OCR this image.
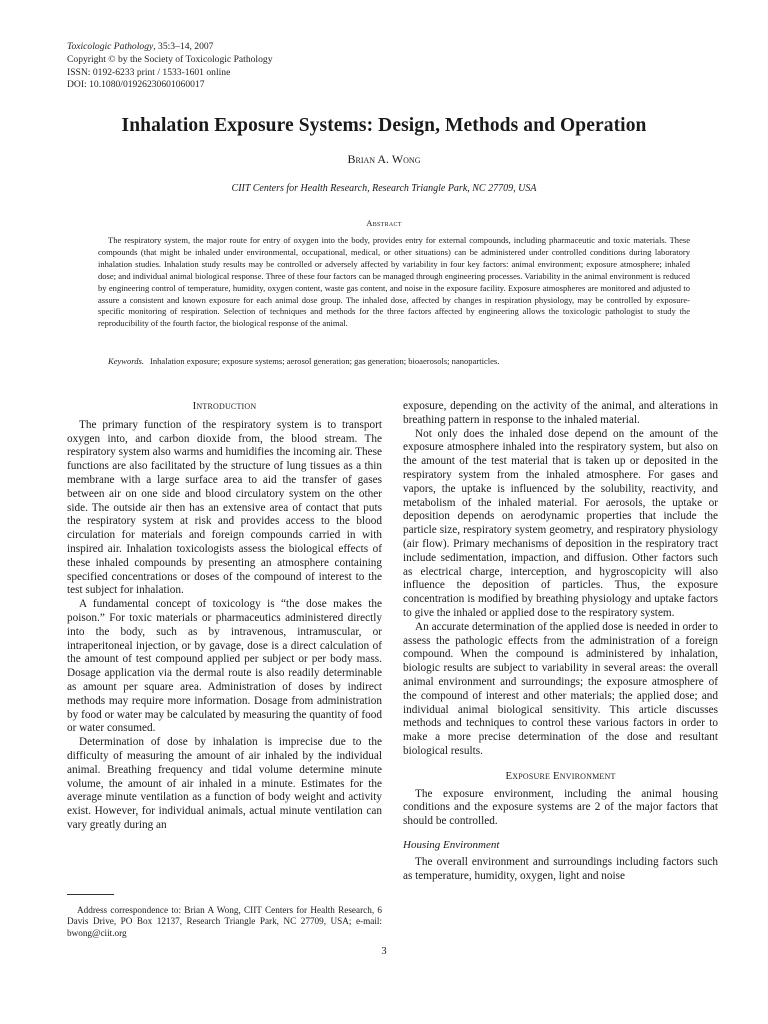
Toxicologic Pathology, 35:3–14, 2007
Copyright © by the Society of Toxicologic Pathology
ISSN: 0192-6233 print / 1533-1601 online
DOI: 10.1080/01926230601060017
Inhalation Exposure Systems: Design, Methods and Operation
Brian A. Wong
CIIT Centers for Health Research, Research Triangle Park, NC 27709, USA
Abstract
The respiratory system, the major route for entry of oxygen into the body, provides entry for external compounds, including pharmaceutic and toxic materials. These compounds (that might be inhaled under environmental, occupational, medical, or other situations) can be administered under controlled conditions during laboratory inhalation studies. Inhalation study results may be controlled or adversely affected by variability in four key factors: animal environment; exposure atmosphere; inhaled dose; and individual animal biological response. Three of these four factors can be managed through engineering processes. Variability in the animal environment is reduced by engineering control of temperature, humidity, oxygen content, waste gas content, and noise in the exposure facility. Exposure atmospheres are monitored and adjusted to assure a consistent and known exposure for each animal dose group. The inhaled dose, affected by changes in respiration physiology, may be controlled by exposure-specific monitoring of respiration. Selection of techniques and methods for the three factors affected by engineering allows the toxicologic pathologist to study the reproducibility of the fourth factor, the biological response of the animal.
Keywords. Inhalation exposure; exposure systems; aerosol generation; gas generation; bioaerosols; nanoparticles.
Introduction

The primary function of the respiratory system is to transport oxygen into, and carbon dioxide from, the blood stream. The respiratory system also warms and humidifies the incoming air. These functions are also facilitated by the structure of lung tissues as a thin membrane with a large surface area to aid the transfer of gases between air on one side and blood circulatory system on the other side. The outside air then has an extensive area of contact that puts the respiratory system at risk and provides access to the blood circulation for materials and foreign compounds carried in with inspired air. Inhalation toxicologists assess the biological effects of these inhaled compounds by presenting an atmosphere containing specified concentrations or doses of the compound of interest to the test subject for inhalation.

A fundamental concept of toxicology is “the dose makes the poison.” For toxic materials or pharmaceutics administered directly into the body, such as by intravenous, intramuscular, or intraperitoneal injection, or by gavage, dose is a direct calculation of the amount of test compound applied per subject or per body mass. Dosage application via the dermal route is also readily determinable as amount per square area. Administration of doses by indirect methods may require more information. Dosage from administration by food or water may be calculated by measuring the quantity of food or water consumed.

Determination of dose by inhalation is imprecise due to the difficulty of measuring the amount of air inhaled by the individual animal. Breathing frequency and tidal volume determine minute volume, the amount of air inhaled in a minute. Estimates for the average minute ventilation as a function of body weight and activity exist. However, for individual animals, actual minute ventilation can vary greatly during an

exposure, depending on the activity of the animal, and alterations in breathing pattern in response to the inhaled material.

Not only does the inhaled dose depend on the amount of the exposure atmosphere inhaled into the respiratory system, but also on the amount of the test material that is taken up or deposited in the respiratory system from the inhaled atmosphere. For gases and vapors, the uptake is influenced by the solubility, reactivity, and metabolism of the inhaled material. For aerosols, the uptake or deposition depends on aerodynamic properties that include the particle size, respiratory system geometry, and respiratory physiology (air flow). Primary mechanisms of deposition in the respiratory tract include sedimentation, impaction, and diffusion. Other factors such as electrical charge, interception, and hygroscopicity will also influence the deposition of particles. Thus, the exposure concentration is modified by breathing physiology and uptake factors to give the inhaled or applied dose to the respiratory system.

An accurate determination of the applied dose is needed in order to assess the pathologic effects from the administration of a foreign compound. When the compound is administered by inhalation, biologic results are subject to variability in several areas: the overall animal environment and surroundings; the exposure atmosphere of the compound of interest and other materials; the applied dose; and individual animal biological sensitivity. This article discusses methods and techniques to control these various factors in order to make a more precise determination of the dose and resultant biological results.

Exposure Environment

The exposure environment, including the animal housing conditions and the exposure systems are 2 of the major factors that should be controlled.

Housing Environment

The overall environment and surroundings including factors such as temperature, humidity, oxygen, light and noise

Address correspondence to: Brian A Wong, CIIT Centers for Health Research, 6 Davis Drive, PO Box 12137, Research Triangle Park, NC 27709, USA; e-mail: bwong@ciit.org
3
